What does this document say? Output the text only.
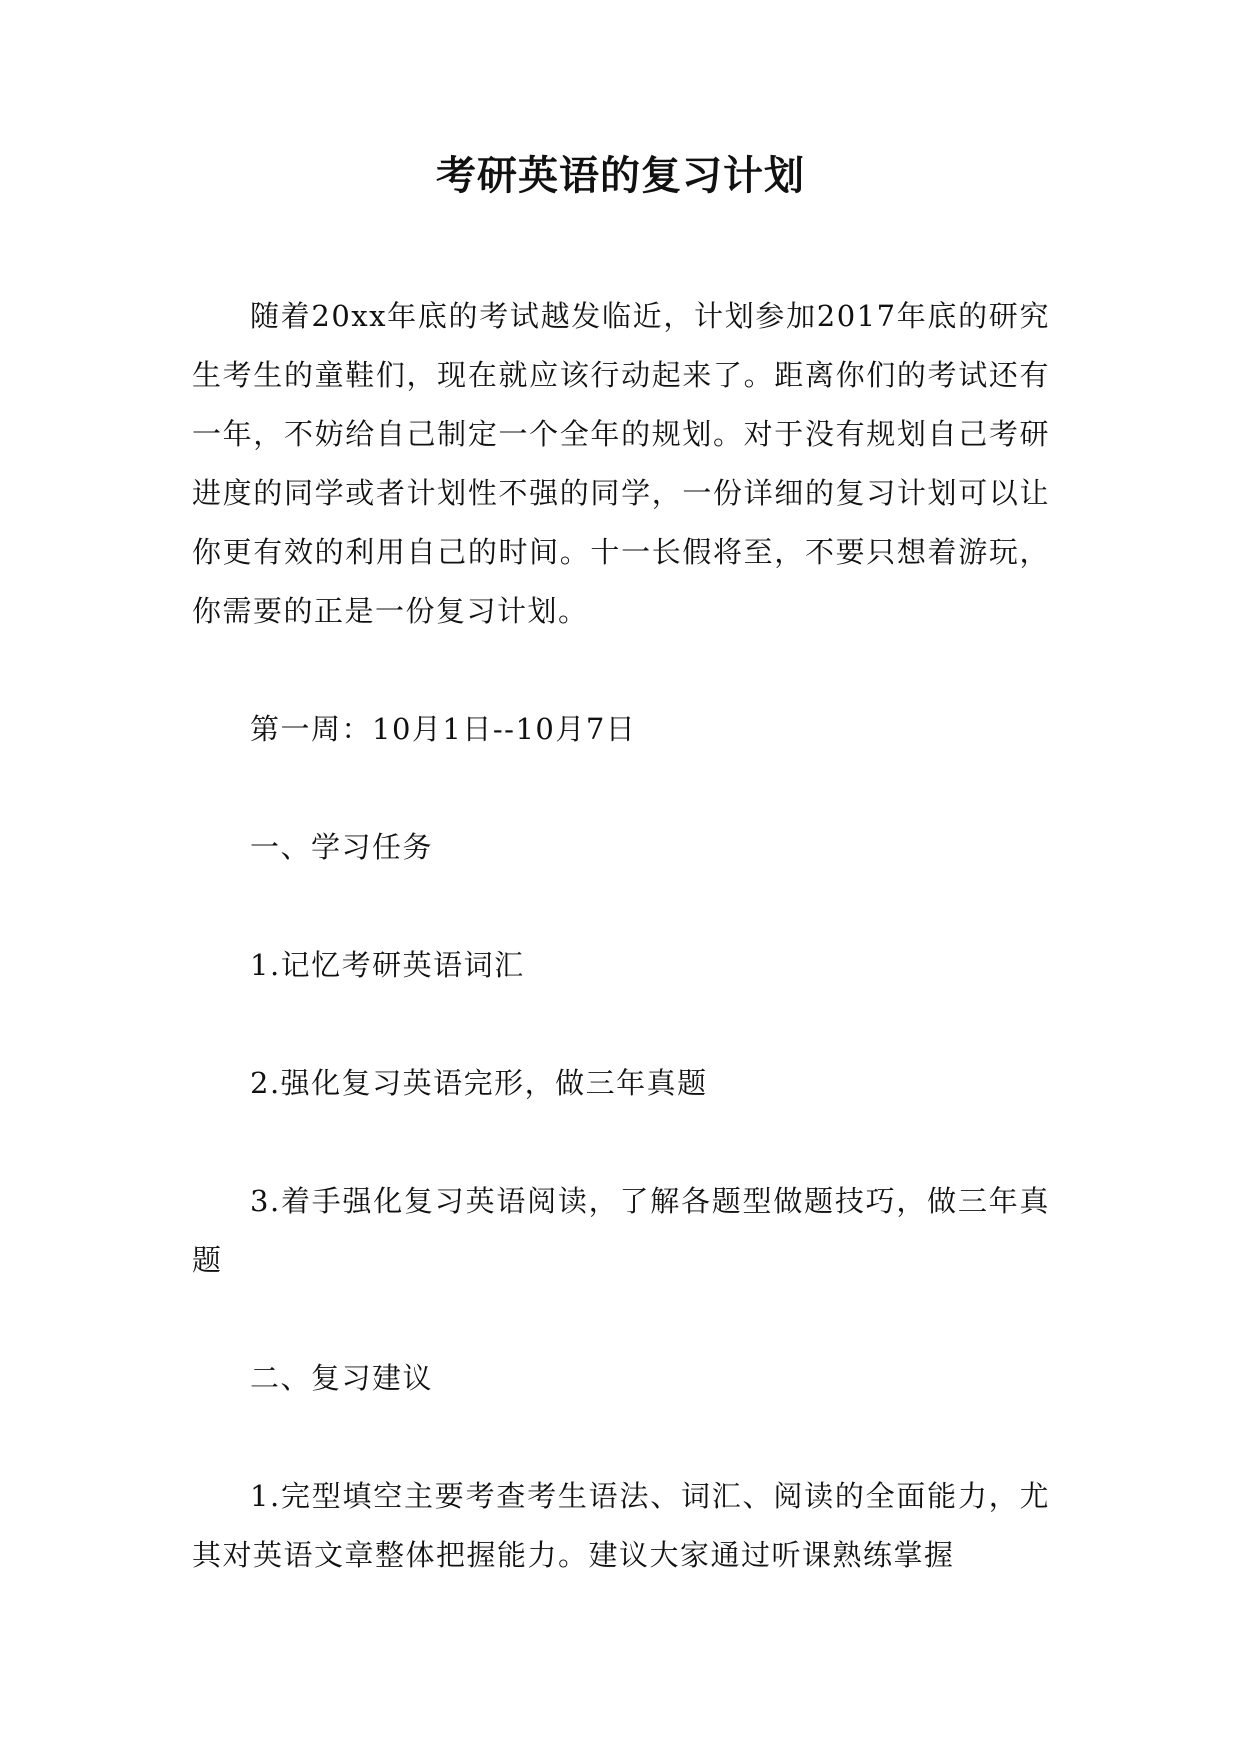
考研英语的复习计划

随着20xx年底的考试越发临近，计划参加2017年底的研究生考生的童鞋们，现在就应该行动起来了。距离你们的考试还有一年，不妨给自己制定一个全年的规划。对于没有规划自己考研进度的同学或者计划性不强的同学，一份详细的复习计划可以让你更有效的利用自己的时间。十一长假将至，不要只想着游玩，你需要的正是一份复习计划。

第一周：10月1日--10月7日

一、学习任务

1.记忆考研英语词汇

2.强化复习英语完形，做三年真题

3.着手强化复习英语阅读，了解各题型做题技巧，做三年真题

二、复习建议

1.完型填空主要考查考生语法、词汇、阅读的全面能力，尤其对英语文章整体把握能力。建议大家通过听课熟练掌握
